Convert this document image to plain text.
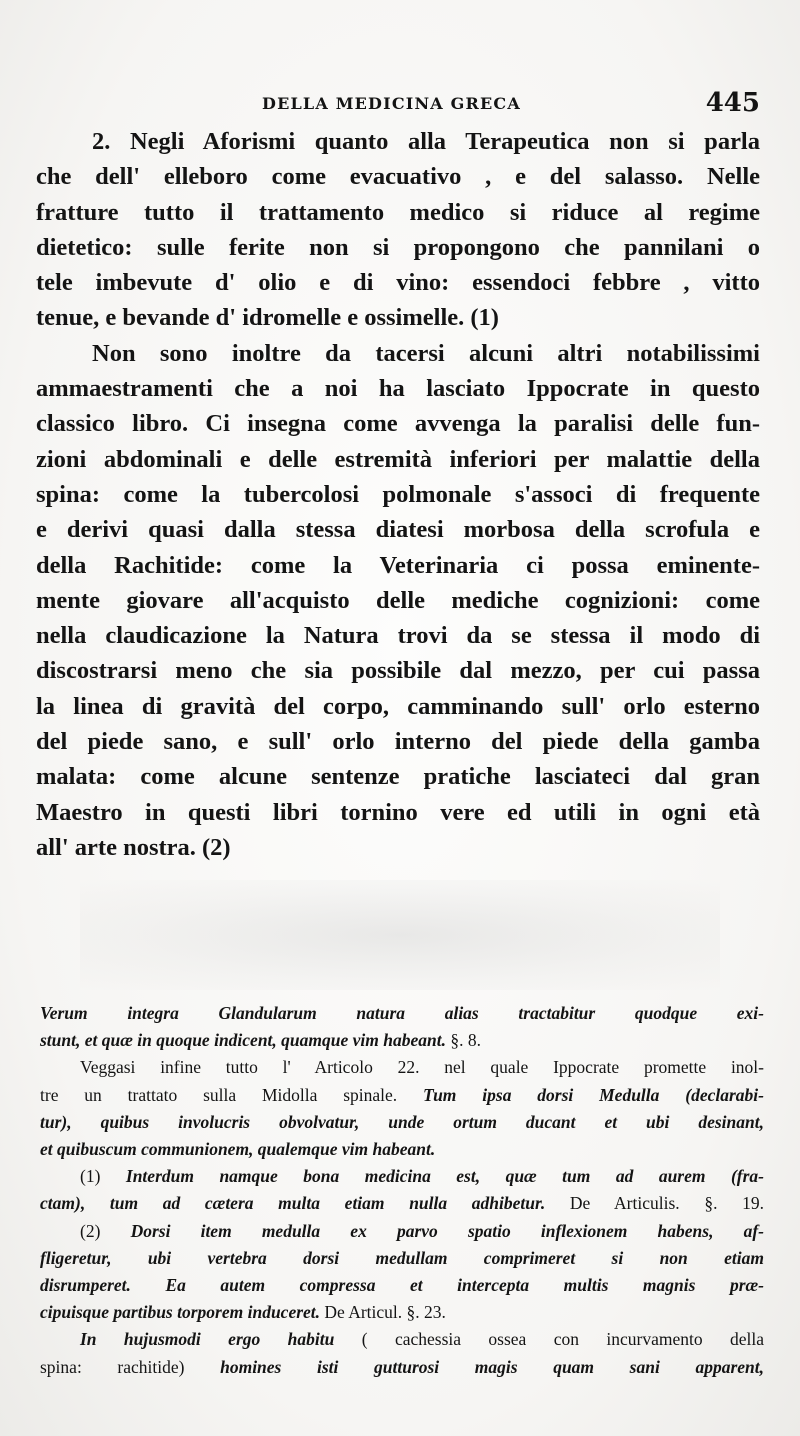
DELLA MEDICINA GRECA	445
2. Negli Aforismi quanto alla Terapeutica non si parla
che dell' elleboro come evacuativo , e del salasso. Nelle
fratture tutto il trattamento medico si riduce al regime
dietetico: sulle ferite non si propongono che pannilani o
tele imbevute d' olio e di vino: essendoci febbre , vitto
tenue, e bevande d' idromelle e ossimelle. (1)
Non sono inoltre da tacersi alcuni altri notabilissimi
ammaestramenti che a noi ha lasciato Ippocrate in questo
classico libro. Ci insegna come avvenga la paralisi delle fun-
zioni abdominali e delle estremità inferiori per malattie della
spina: come la tubercolosi polmonale s'associ di frequente
e derivi quasi dalla stessa diatesi morbosa della scrofula e
della Rachitide: come la Veterinaria ci possa eminente-
mente giovare all'acquisto delle mediche cognizioni: come
nella claudicazione la Natura trovi da se stessa il modo di
discostrarsi meno che sia possibile dal mezzo, per cui passa
la linea di gravità del corpo, camminando sull' orlo esterno
del piede sano, e sull' orlo interno del piede della gamba
malata: come alcune sentenze pratiche lasciateci dal gran
Maestro in questi libri tornino vere ed utili in ogni età
all' arte nostra. (2)
Verum integra Glandularum natura alias tractabitur quodque exi-
stunt, et quæ in quoque indicent, quamque vim habeant. §. 8.
Veggasi infine tutto l' Articolo 22. nel quale Ippocrate promette inol-
tre un trattato sulla Midolla spinale. Tum ipsa dorsi Medulla (declarabi-
tur), quibus involucris obvolvatur, unde ortum ducant et ubi desinant,
et quibuscum communionem, qualemque vim habeant.
(1) Interdum namque bona medicina est, quæ tum ad aurem (fra-
ctam), tum ad cætera multa etiam nulla adhibetur. De Articulis. §. 19.
(2) Dorsi item medulla ex parvo spatio inflexionem habens, af-
fligeretur, ubi vertebra dorsi medullam comprimeret si non etiam
disrumperet. Ea autem compressa et intercepta multis magnis præ-
cipuisque partibus torporem induceret. De Articul. §. 23.
In hujusmodi ergo habitu ( cachessia ossea con incurvamento della
spina: rachitide) homines isti gutturosi magis quam sani apparent,
